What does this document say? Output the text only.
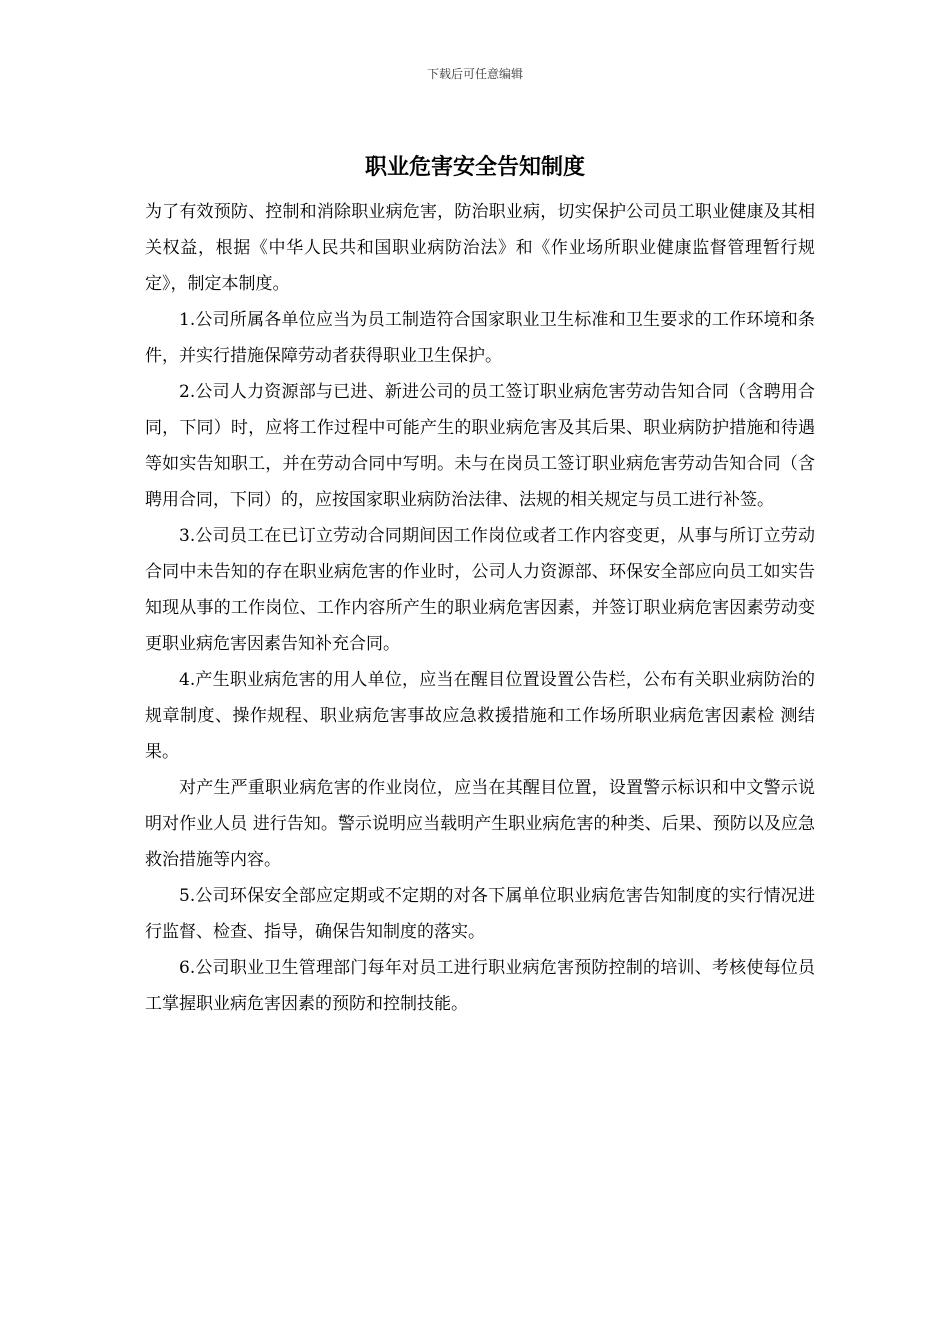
下载后可任意编辑
职业危害安全告知制度

为了有效预防、控制和消除职业病危害，防治职业病，切实保护公司员工职业健康及其相关权益，根据《中华人民共和国职业病防治法》和《作业场所职业健康监督管理暂行规定》，制定本制度。

1.公司所属各单位应当为员工制造符合国家职业卫生标准和卫生要求的工作环境和条件，并实行措施保障劳动者获得职业卫生保护。

2.公司人力资源部与已进、新进公司的员工签订职业病危害劳动告知合同（含聘用合同，下同）时，应将工作过程中可能产生的职业病危害及其后果、职业病防护措施和待遇等如实告知职工，并在劳动合同中写明。未与在岗员工签订职业病危害劳动告知合同（含聘用合同，下同）的，应按国家职业病防治法律、法规的相关规定与员工进行补签。

3.公司员工在已订立劳动合同期间因工作岗位或者工作内容变更，从事与所订立劳动合同中未告知的存在职业病危害的作业时，公司人力资源部、环保安全部应向员工如实告知现从事的工作岗位、工作内容所产生的职业病危害因素，并签订职业病危害因素劳动变更职业病危害因素告知补充合同。

4.产生职业病危害的用人单位，应当在醒目位置设置公告栏，公布有关职业病防治的规章制度、操作规程、职业病危害事故应急救援措施和工作场所职业病危害因素检 测结果。

对产生严重职业病危害的作业岗位，应当在其醒目位置，设置警示标识和中文警示说明对作业人员 进行告知。警示说明应当载明产生职业病危害的种类、后果、预防以及应急救治措施等内容。

5.公司环保安全部应定期或不定期的对各下属单位职业病危害告知制度的实行情况进行监督、检查、指导，确保告知制度的落实。

6.公司职业卫生管理部门每年对员工进行职业病危害预防控制的培训、考核使每位员工掌握职业病危害因素的预防和控制技能。
